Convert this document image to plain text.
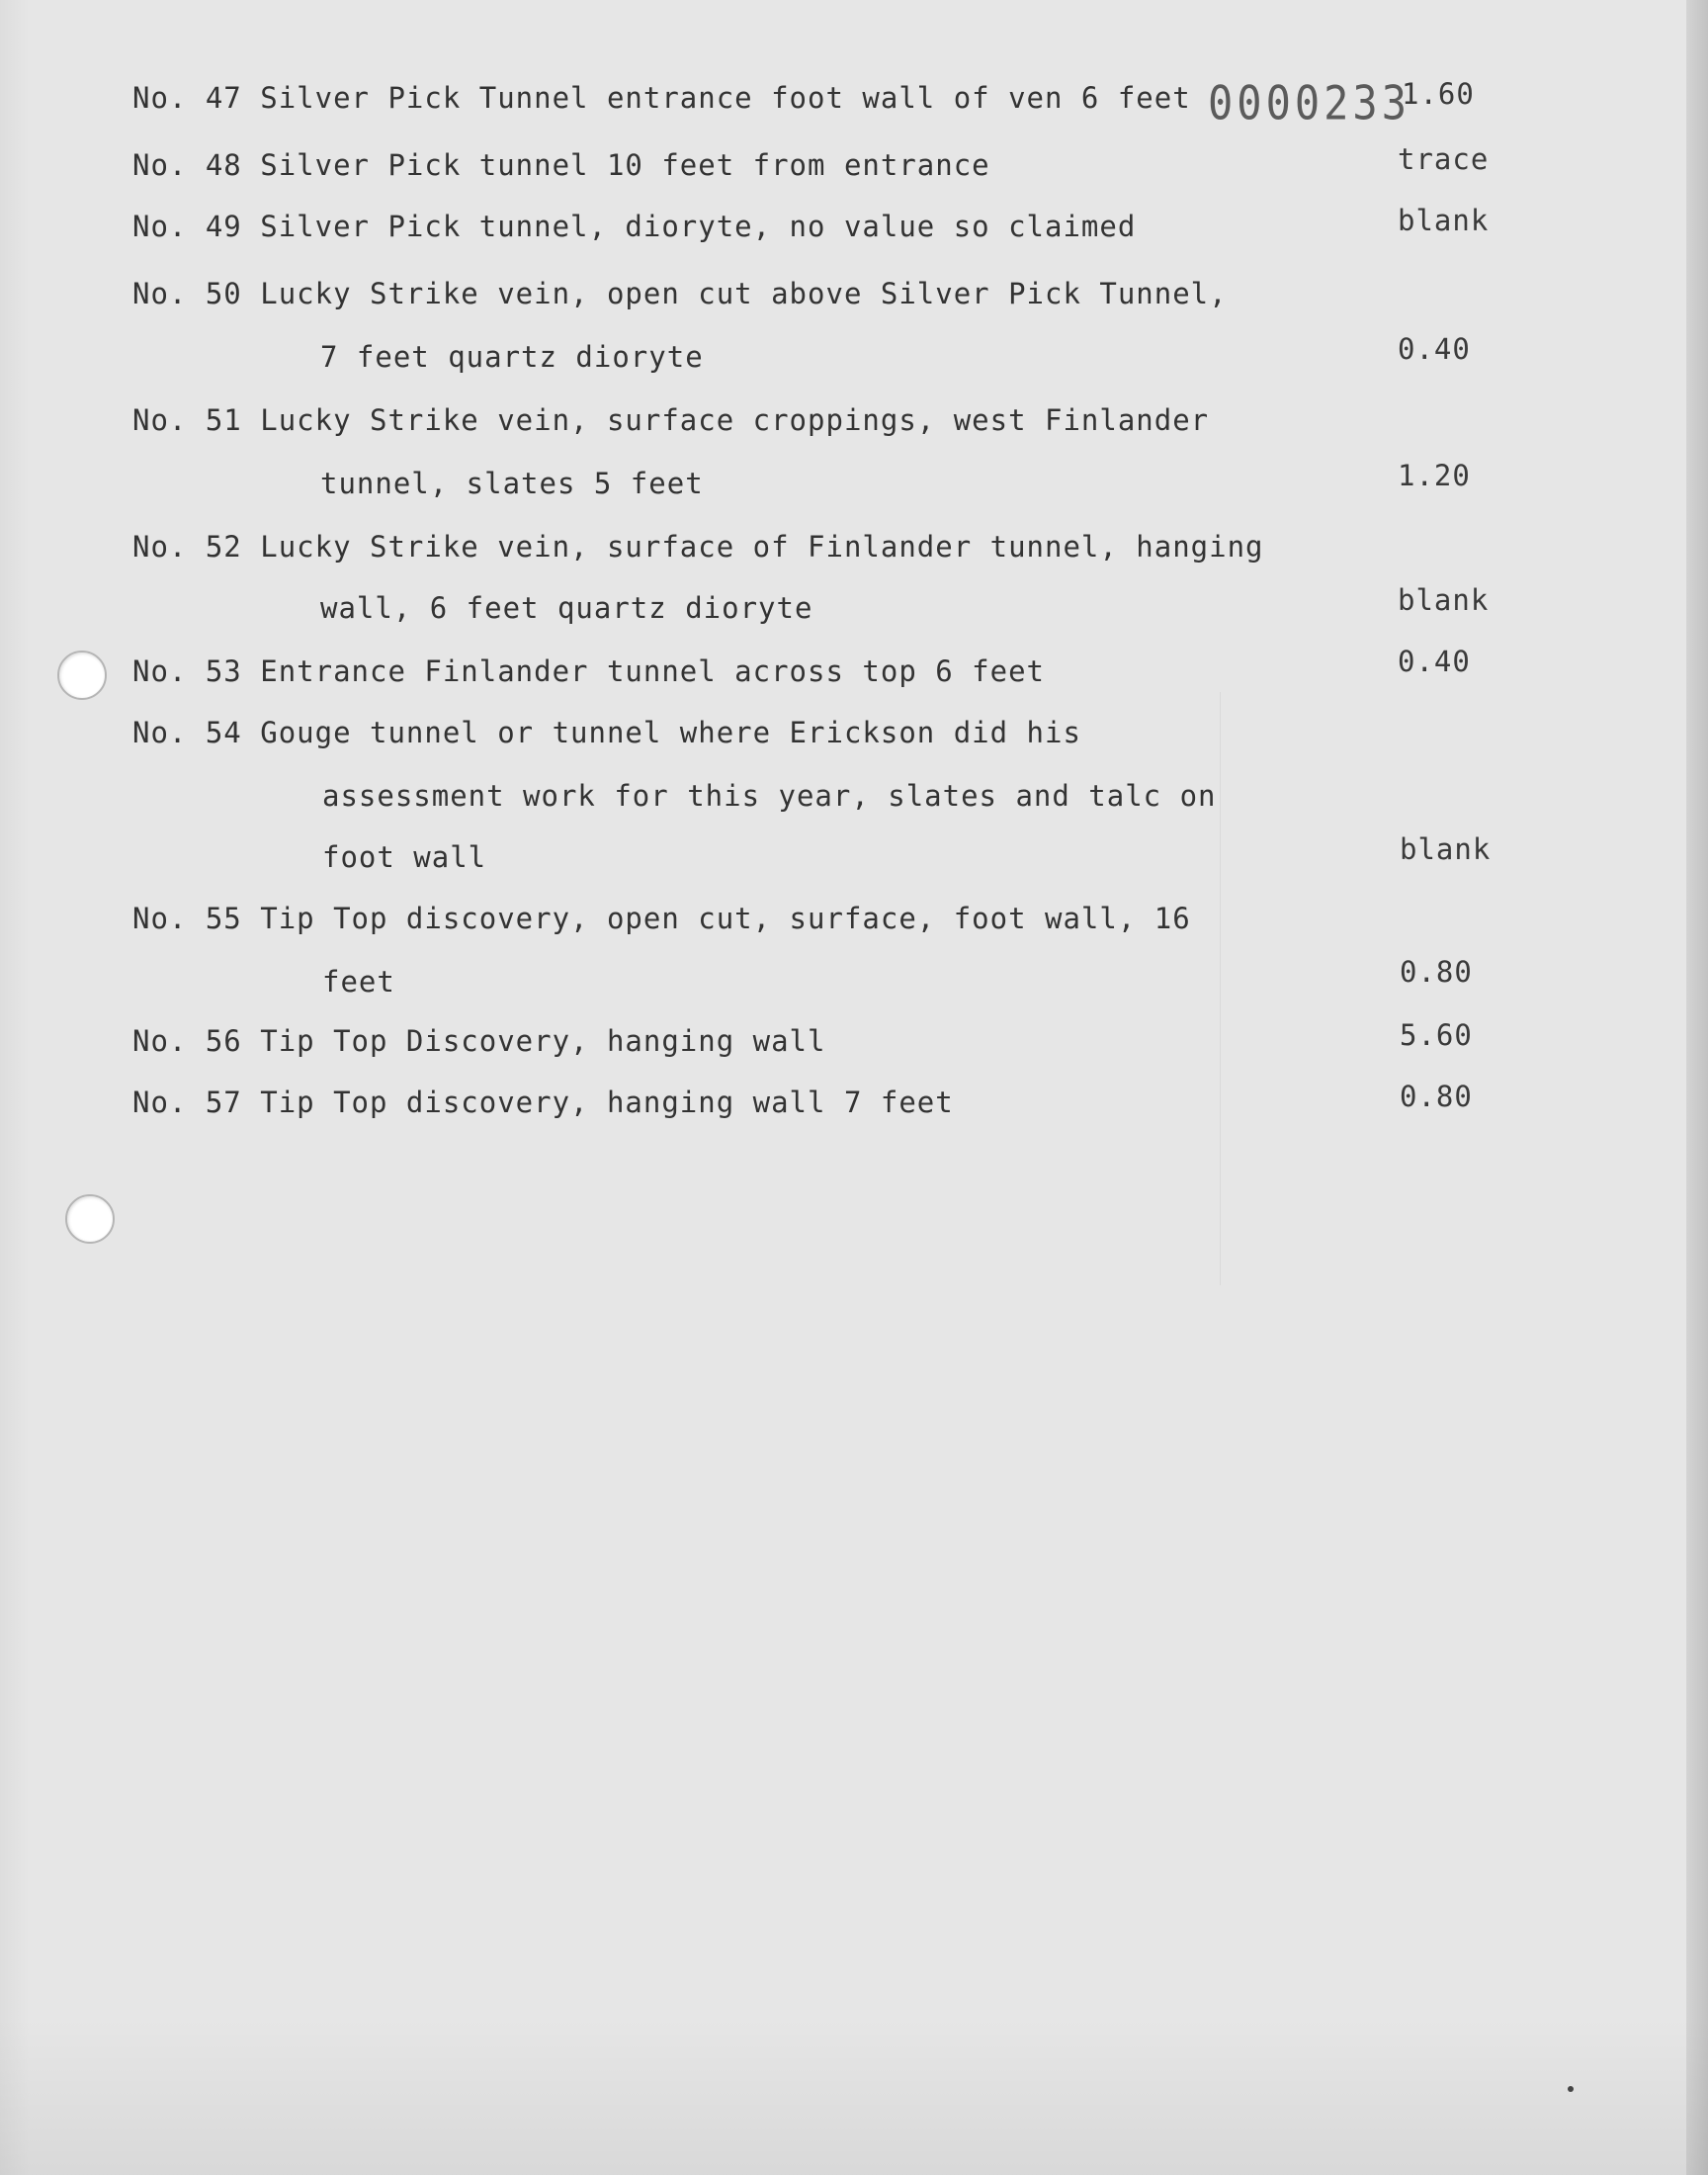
0000233
No. 47 Silver Pick Tunnel entrance foot wall of ven 6 feet	1.60
No. 48 Silver Pick tunnel 10 feet from entrance	trace
No. 49 Silver Pick tunnel, dioryte, no value so claimed	blank
No. 50 Lucky Strike vein, open cut above Silver Pick Tunnel,
7 feet quartz dioryte	0.40
No. 51 Lucky Strike vein, surface croppings, west Finlander
tunnel, slates 5 feet	1.20
No. 52 Lucky Strike vein, surface of Finlander tunnel, hanging
wall, 6 feet quartz dioryte	blank
No. 53 Entrance Finlander tunnel across top 6 feet	0.40
No. 54 Gouge tunnel or tunnel where Erickson did his
assessment work for this year, slates and talc on
foot wall	blank
No. 55 Tip Top discovery, open cut, surface, foot wall, 16
feet	0.80
No. 56 Tip Top Discovery, hanging wall	5.60
No. 57 Tip Top discovery, hanging wall 7 feet	0.80
